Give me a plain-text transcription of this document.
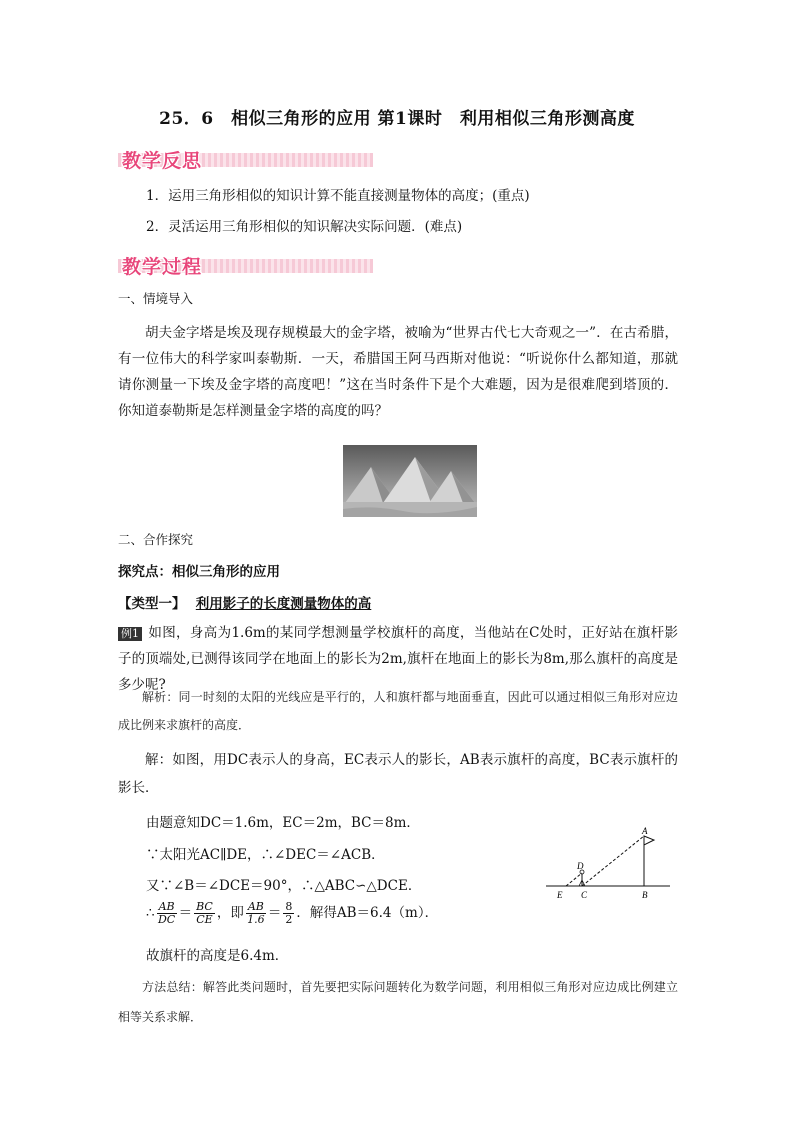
25．6　相似三角形的应用 第1课时　利用相似三角形测高度
教学反思
1．运用三角形相似的知识计算不能直接测量物体的高度；(重点)
2．灵活运用三角形相似的知识解决实际问题．(难点)
教学过程
一、情境导入
胡夫金字塔是埃及现存规模最大的金字塔，被喻为“世界古代七大奇观之一”．在古希腊，有一位伟大的科学家叫泰勒斯．一天，希腊国王阿马西斯对他说：“听说你什么都知道，那就请你测量一下埃及金字塔的高度吧！”这在当时条件下是个大难题，因为是很难爬到塔顶的．你知道泰勒斯是怎样测量金字塔的高度的吗？
二、合作探究
探究点：相似三角形的应用
【类型一】 利用影子的长度测量物体的高
例1 如图，身高为1.6m的某同学想测量学校旗杆的高度，当他站在C处时，正好站在旗杆影子的顶端处,已测得该同学在地面上的影长为2m,旗杆在地面上的影长为8m,那么旗杆的高度是多少呢?
解析：同一时刻的太阳的光线应是平行的，人和旗杆都与地面垂直，因此可以通过相似三角形对应边成比例来求旗杆的高度．
解：如图，用DC表示人的身高，EC表示人的影长，AB表示旗杆的高度，BC表示旗杆的影长．
由题意知DC＝1.6m，EC＝2m，BC＝8m．
∵太阳光AC∥DE，∴∠DEC＝∠ACB．
又∵∠B＝∠DCE＝90°，∴△ABC∽△DCE．
∴ $\frac{AB}{DC} = \frac{BC}{CE}$ ，即 $\frac{AB}{1.6} = \frac{8}{2}$ ．解得AB＝6.4（m）．
故旗杆的高度是6.4m．
方法总结：解答此类问题时，首先要把实际问题转化为数学问题，利用相似三角形对应边成比例建立相等关系求解．
A
B
C
D
E
